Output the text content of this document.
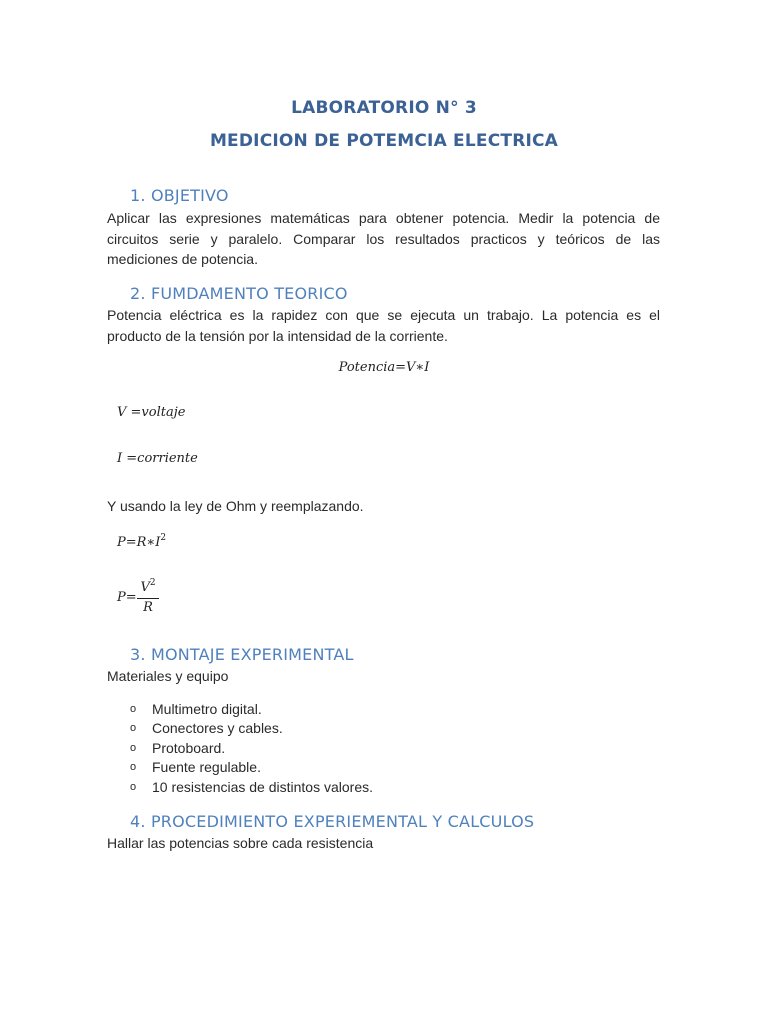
LABORATORIO N° 3
MEDICION DE POTEMCIA ELECTRICA
1. OBJETIVO
Aplicar las expresiones matemáticas para obtener potencia. Medir la potencia de
circuitos serie y paralelo. Comparar los resultados practicos y teóricos de las
mediciones de potencia.
2. FUMDAMENTO TEORICO
Potencia eléctrica es la rapidez con que se ejecuta un trabajo. La potencia es el
producto de la tensión por la intensidad de la corriente.
Potencia=V∗I
V =voltaje
I =corriente
Y usando la ley de Ohm y reemplazando.
$P=R∗I^2$
P=
$V^2$
R
3. MONTAJE EXPERIMENTAL
Materiales y equipo
o Multimetro digital.
o Conectores y cables.
o Protoboard.
o Fuente regulable.
o 10 resistencias de distintos valores.
4. PROCEDIMIENTO EXPERIEMENTAL Y CALCULOS
Hallar las potencias sobre cada resistencia
